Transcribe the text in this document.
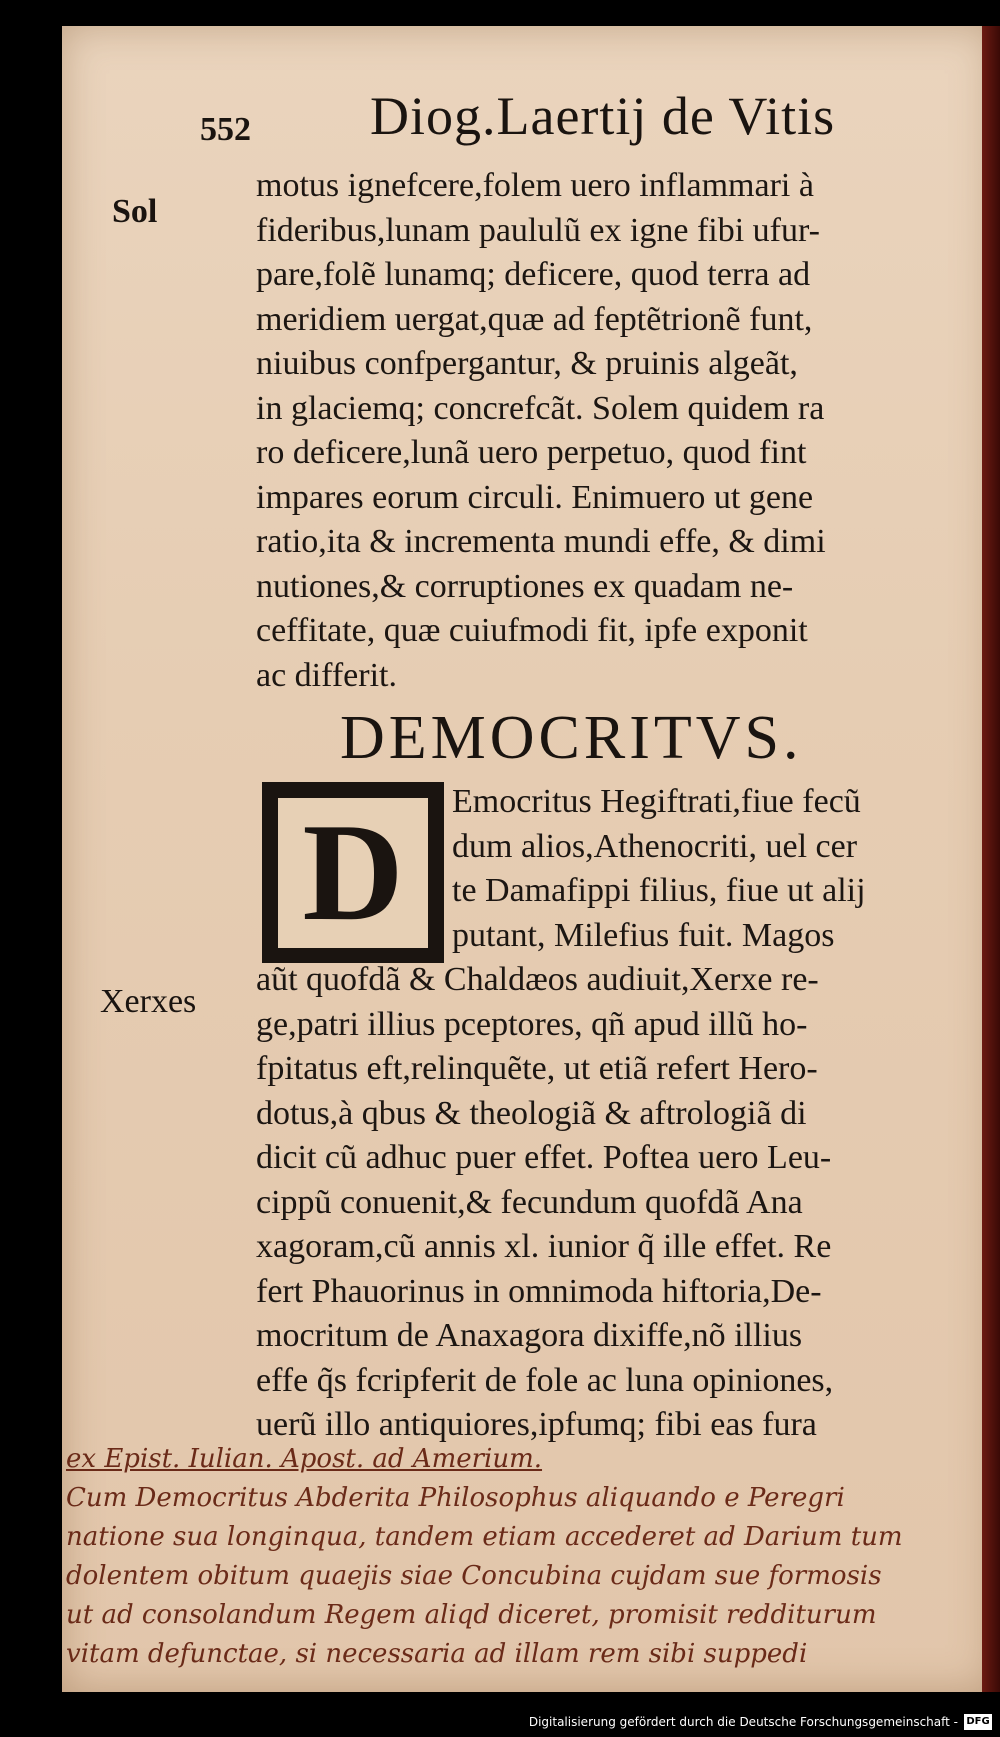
552 Diog.Laertij de Vitis
Sol
Xerxes
motus ignefcere,folem uero inflammari à
fideribus,lunam paululũ ex igne fibi ufur-
pare,folẽ lunamq; deficere, quod terra ad
meridiem uergat,quæ ad feptẽtrionẽ funt,
niuibus confpergantur, & pruinis algeãt,
in glaciemq; concrefcãt. Solem quidem ra
ro deficere,lunã uero perpetuo, quod fint
impares eorum circuli. Enimuero ut gene
ratio,ita & incrementa mundi effe, & dimi
nutiones,& corruptiones ex quadam ne-
ceffitate, quæ cuiufmodi fit, ipfe exponit
ac differit.
DEMOCRITVS.
D	Emocritus Hegiftrati,fiue fecũ
dum alios,Athenocriti, uel cer
te Damafippi filius, fiue ut alij
putant, Milefius fuit. Magos
aũt quofdã & Chaldæos audiuit,Xerxe re-
ge,patri illius pceptores, qñ apud illũ ho-
fpitatus eft,relinquẽte, ut etiã refert Hero-
dotus,à qbus & theologiã & aftrologiã di
dicit cũ adhuc puer effet. Poftea uero Leu-
cippũ conuenit,& fecundum quofdã Ana
xagoram,cũ annis xl. iunior q̃ ille effet. Re
fert Phauorinus in omnimoda hiftoria,De-
mocritum de Anaxagora dixiffe,nõ illius
effe q̃s fcripferit de fole ac luna opiniones,
uerũ illo antiquiores,ipfumq; fibi eas fura
ex Epist. Iulian. Apost. ad Amerium.
Cum Democritus Abderita Philosophus aliquando e Peregri
natione sua longinqua, tandem etiam accederet ad Darium tum
dolentem obitum quaejis siae Concubina cujdam sue formosis
ut ad consolandum Regem aliqd diceret, promisit redditurum
vitam defunctae, si necessaria ad illam rem sibi suppedi
Digitalisierung gefördert durch die Deutsche Forschungsgemeinschaft - DFG
